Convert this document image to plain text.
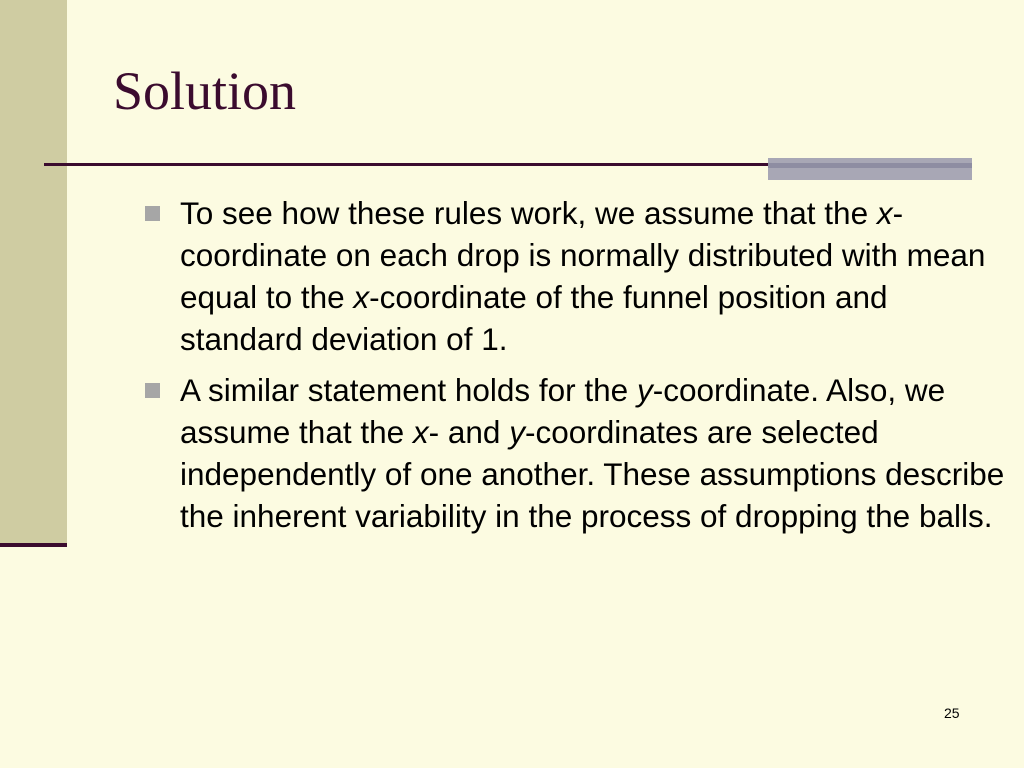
Solution
To see how these rules work, we assume that the x-coordinate on each drop is normally distributed with mean equal to the x-coordinate of the funnel position and standard deviation of 1.
A similar statement holds for the y-coordinate. Also, we assume that the x- and y-coordinates are selected independently of one another. These assumptions describe the inherent variability in the process of dropping the balls.
25
